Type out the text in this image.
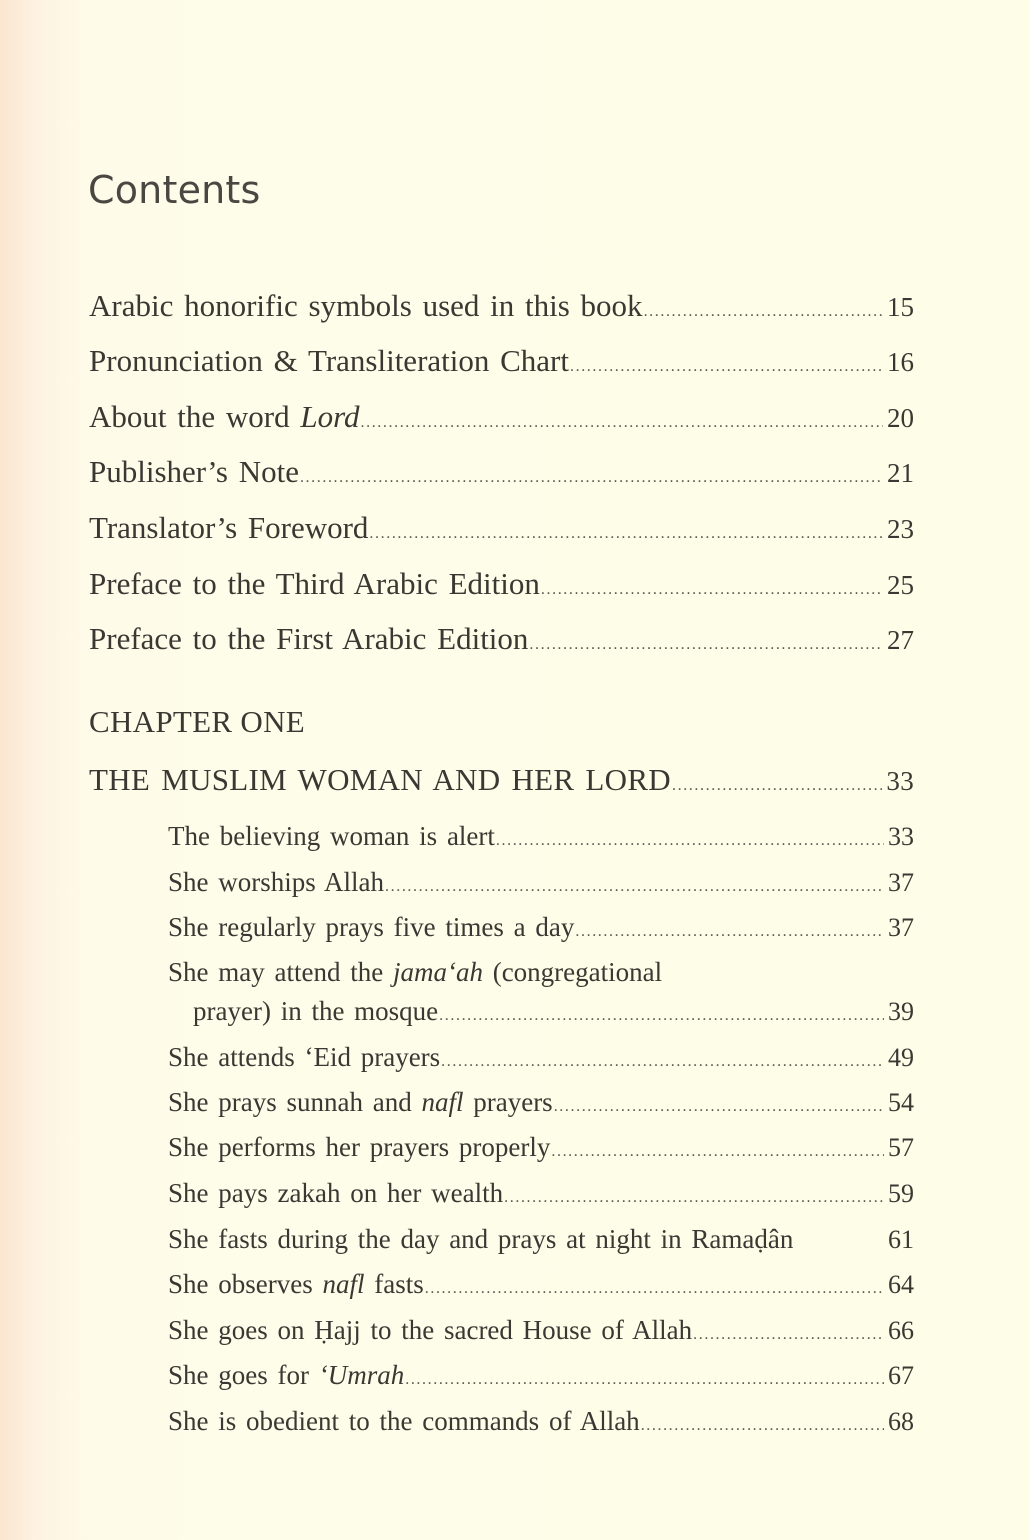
Contents
Arabic honorific symbols used in this book .....	15
Pronunciation & Transliteration Chart .....	16
About the word Lord .....	20
Publisher’s Note .....	21
Translator’s Foreword .....	23
Preface to the Third Arabic Edition .....	25
Preface to the First Arabic Edition .....	27
CHAPTER ONE
THE MUSLIM WOMAN AND HER LORD .....	33
The believing woman is alert .....	33
She worships Allah .....	37
She regularly prays five times a day .....	37
She may attend the jama‘ah (congregational
prayer) in the mosque .....	39
She attends ‘Eid prayers .....	49
She prays sunnah and nafl prayers .....	54
She performs her prayers properly .....	57
She pays zakah on her wealth .....	59
She fasts during the day and prays at night in Ramaḍân	61
She observes nafl fasts .....	64
She goes on Ḥajj to the sacred House of Allah .....	66
She goes for ‘Umrah .....	67
She is obedient to the commands of Allah .....	68
